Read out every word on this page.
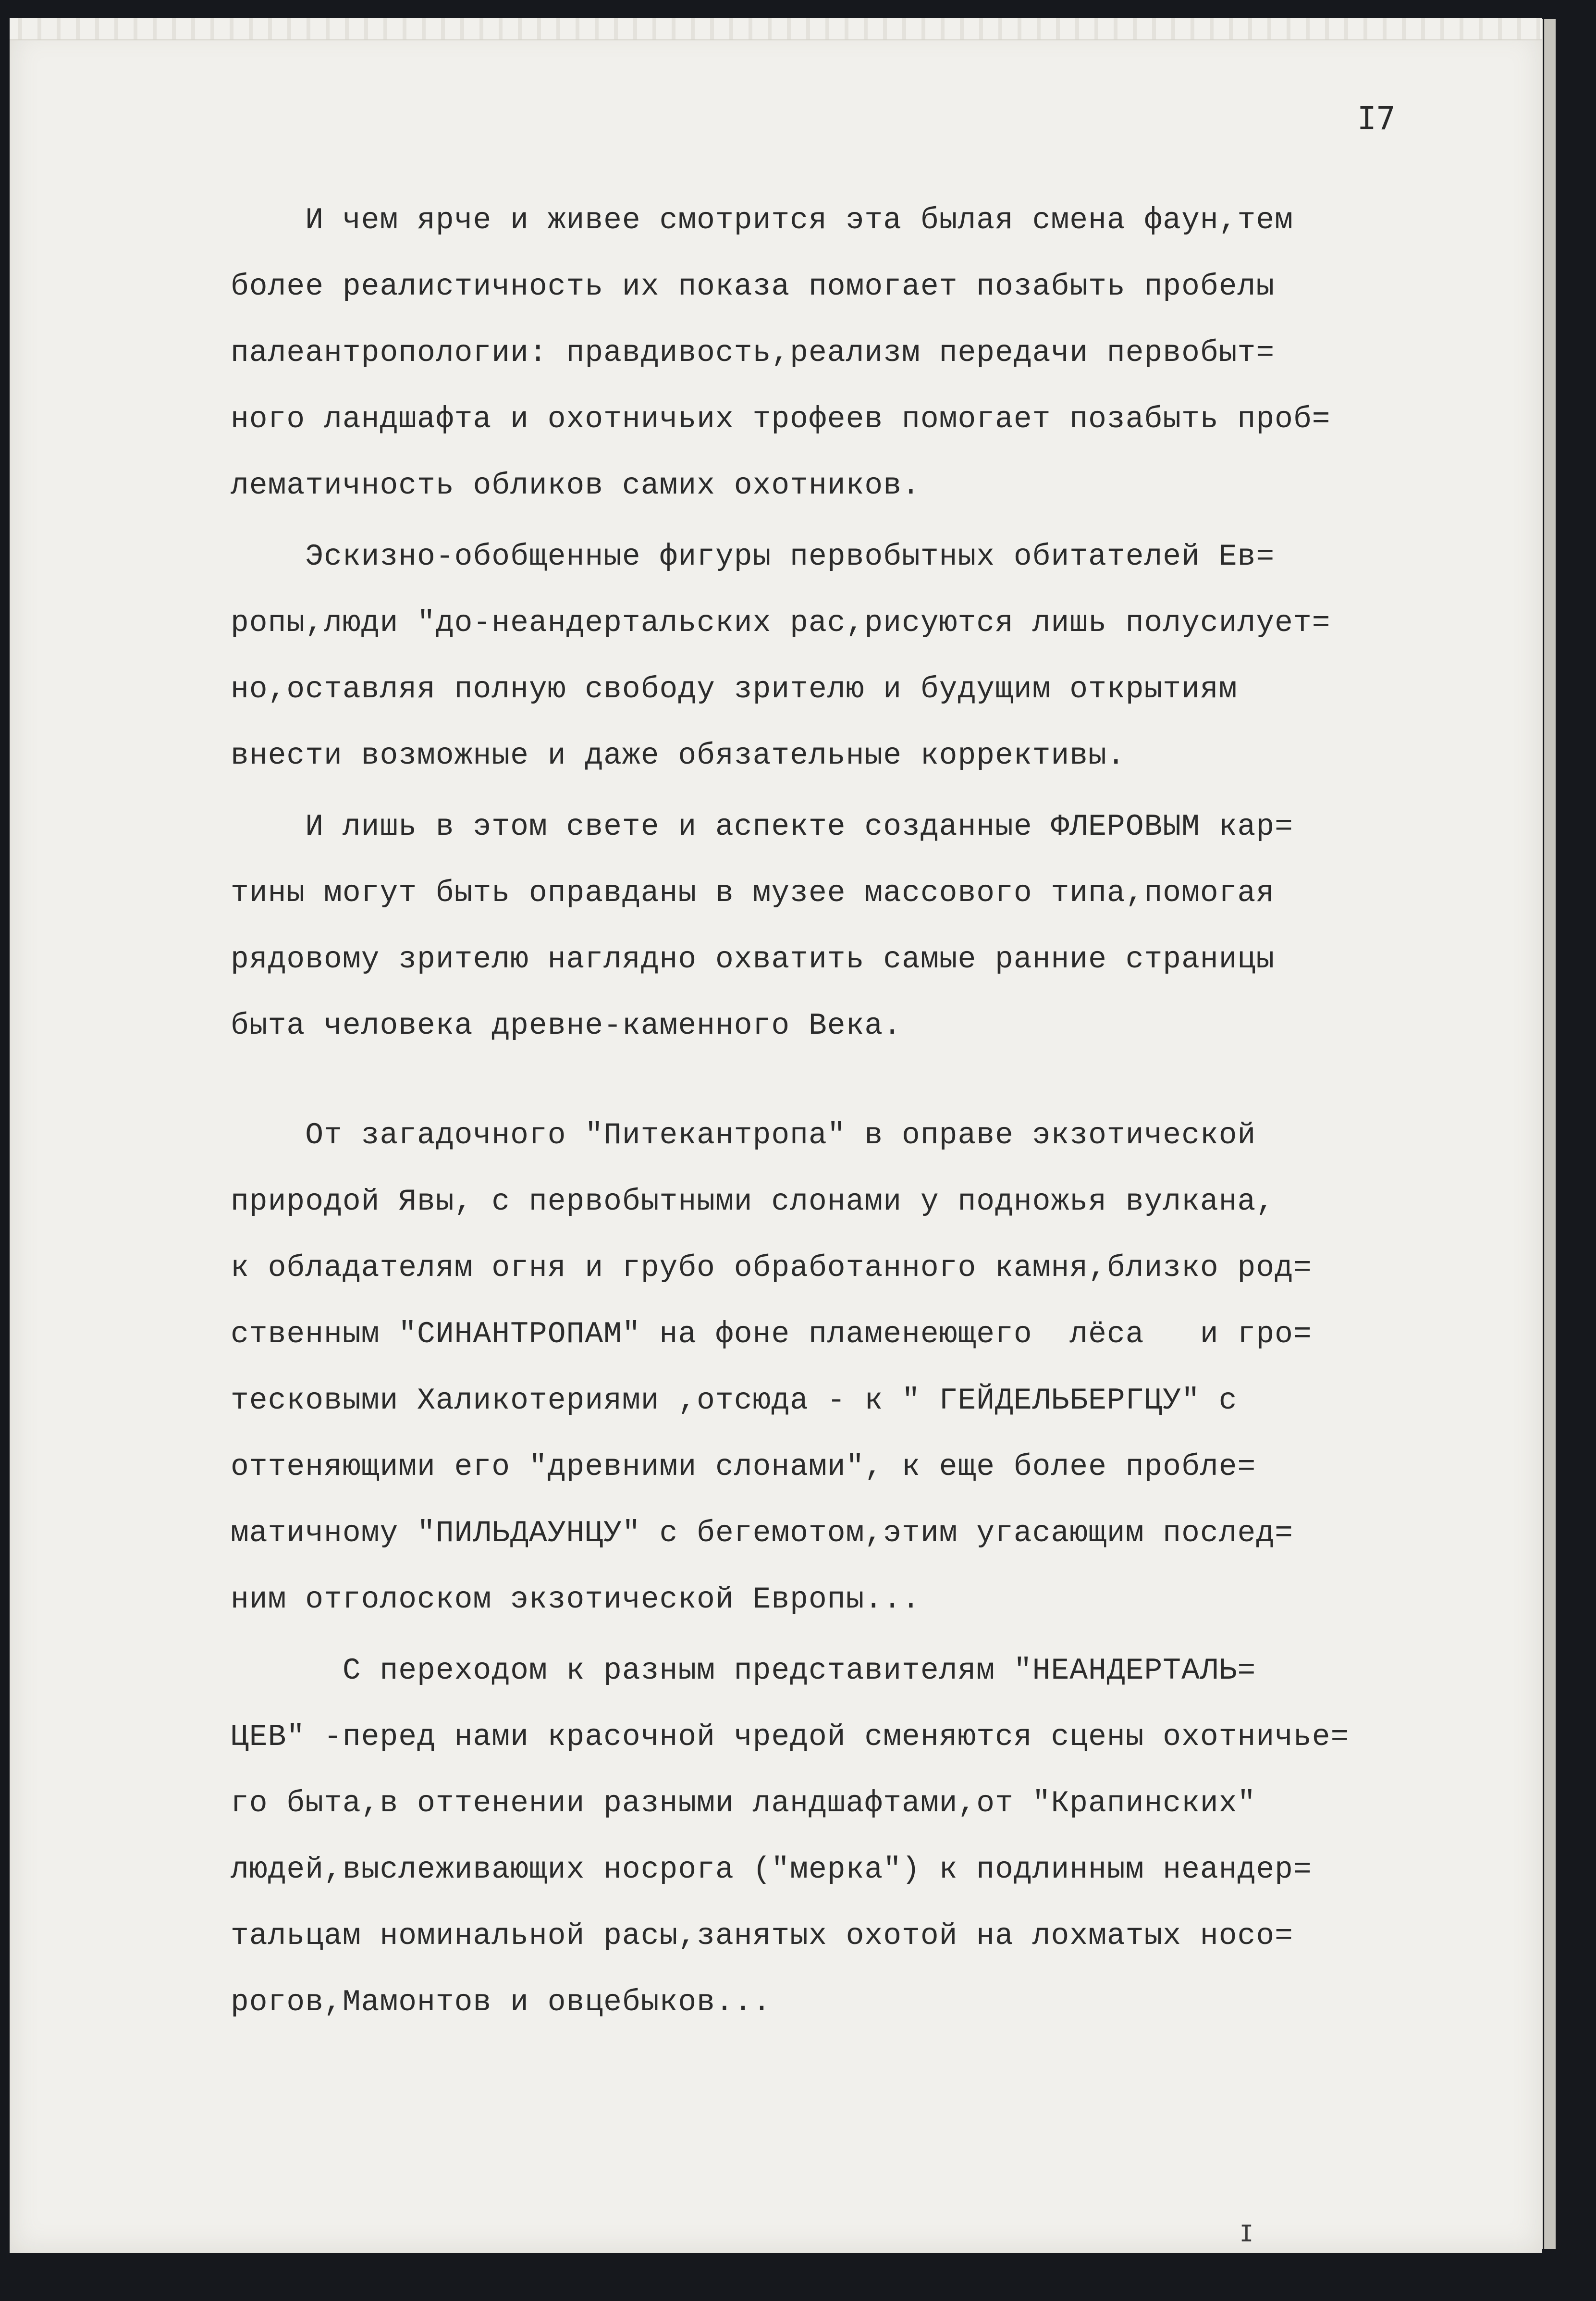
I7
И чем ярче и живее смотрится эта былая смена фаун,тем
более реалистичность их показа помогает позабыть пробелы
палеантропологии: правдивость,реализм передачи первобыт=
ного ландшафта и охотничьих трофеев помогает позабыть проб=
лематичность обликов самих охотников.
Эскизно-обобщенные фигуры первобытных обитателей Ев=
ропы,люди "до-неандертальских рас,рисуются лишь полусилует=
но,оставляя полную свободу зрителю и будущим открытиям
внести возможные и даже обязательные коррективы.
И лишь в этом свете и аспекте созданные ФЛЕРОВЫМ кар=
тины могут быть оправданы в музее массового типа,помогая
рядовому зрителю наглядно охватить самые ранние страницы
быта человека древне-каменного Века.
От загадочного "Питекантропа" в оправе экзотической
природой Явы, с первобытными слонами у подножья вулкана,
к обладателям огня и грубо обработанного камня,близко род=
ственным "СИНАНТРОПАМ" на фоне пламенеющего  лёса   и гро=
тесковыми Халикотериями ,отсюда - к " ГЕЙДЕЛЬБЕРГЦУ" с
оттеняющими его "древними слонами", к еще более пробле=
матичному "ПИЛЬДАУНЦУ" с бегемотом,этим угасающим послед=
ним отголоском экзотической Европы...
С переходом к разным представителям "НЕАНДЕРТАЛЬ=
ЦЕВ" -перед нами красочной чредой сменяются сцены охотничье=
го быта,в оттенении разными ландшафтами,от "Крапинских"
людей,выслеживающих носрога ("мерка") к подлинным неандер=
тальцам номинальной расы,занятых охотой на лохматых носо=
рогов,Мамонтов и овцебыков...
I
